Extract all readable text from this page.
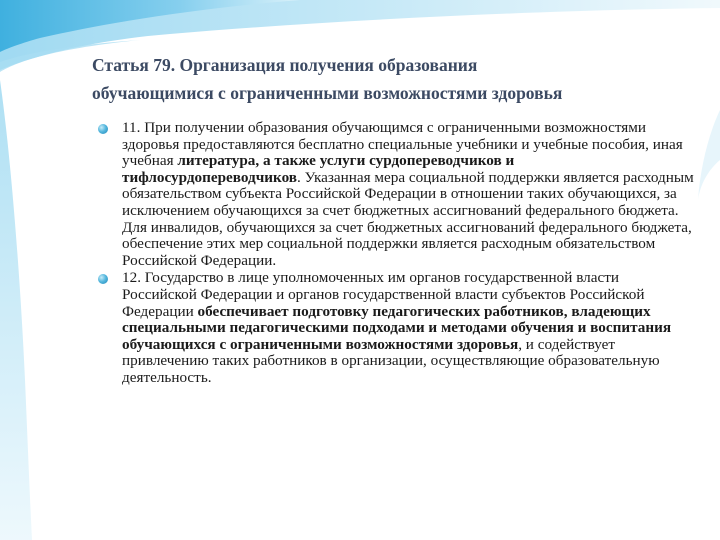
Статья 79. Организация получения образования
обучающимися с ограниченными возможностями здоровья
11. При получении образования обучающимся с ограниченными возможностями здоровья предоставляются бесплатно специальные учебники и учебные пособия, иная учебная литература, а также услуги сурдопереводчиков и тифлосурдопереводчиков. Указанная мера социальной поддержки является расходным обязательством субъекта Российской Федерации в отношении таких обучающихся, за исключением обучающихся за счет бюджетных ассигнований федерального бюджета. Для инвалидов, обучающихся за счет бюджетных ассигнований федерального бюджета, обеспечение этих мер социальной поддержки является расходным обязательством Российской Федерации.
12. Государство в лице уполномоченных им органов государственной власти Российской Федерации и органов государственной власти субъектов Российской Федерации обеспечивает подготовку педагогических работников, владеющих специальными педагогическими подходами и методами обучения и воспитания обучающихся с ограниченными возможностями здоровья, и содействует привлечению таких работников в организации, осуществляющие образовательную деятельность.
